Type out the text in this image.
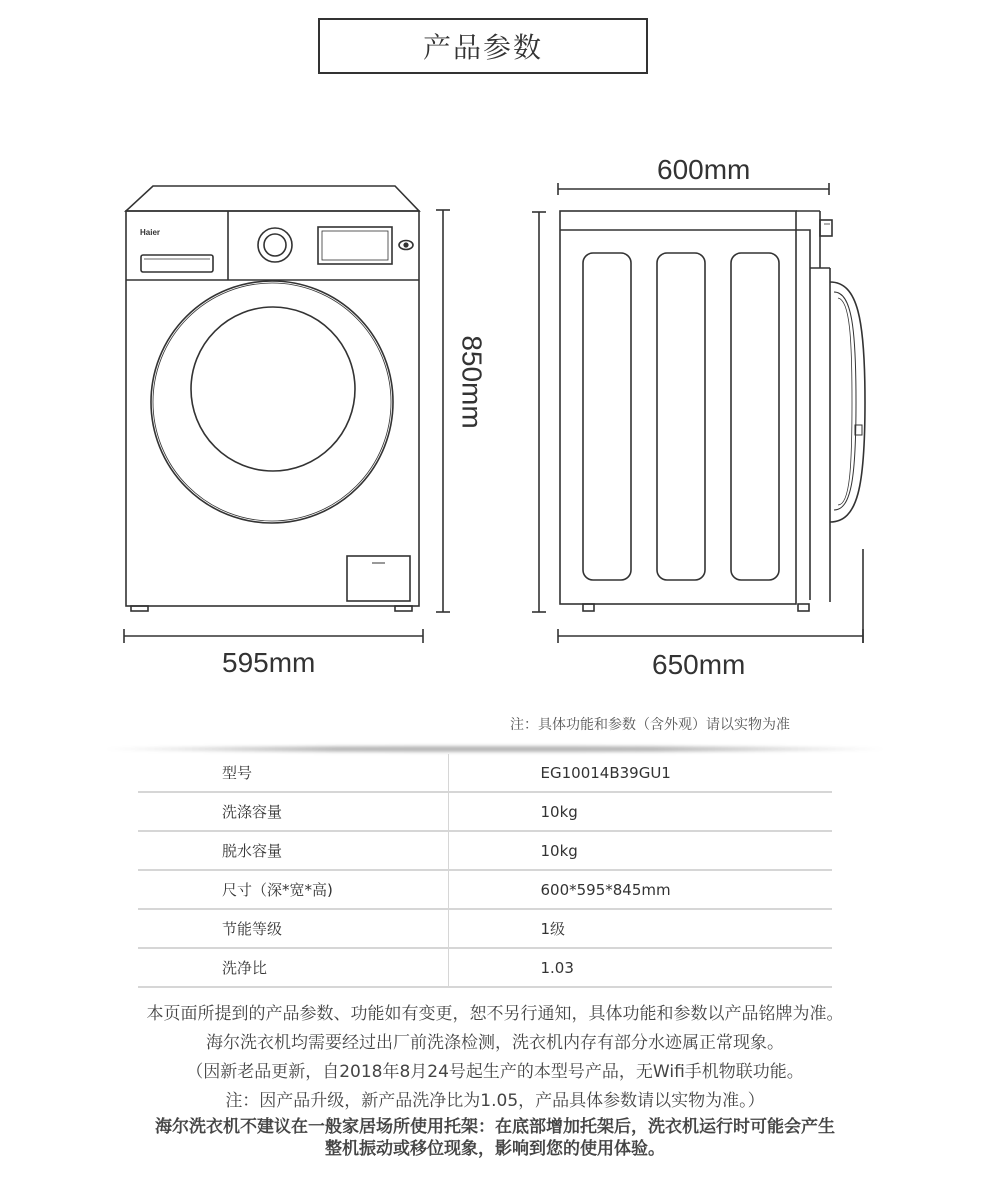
产品参数
Haier
600mm
595mm	650mm
850mm
注：具体功能和参数（含外观）请以实物为准
型号	EG10014B39GU1
洗涤容量	10kg
脱水容量	10kg
尺寸（深*宽*高)	600*595*845mm
节能等级	1级
洗净比	1.03
本页面所提到的产品参数、功能如有变更，恕不另行通知，具体功能和参数以产品铭牌为准。
海尔洗衣机均需要经过出厂前洗涤检测，洗衣机内存有部分水迹属正常现象。
（因新老品更新，自2018年8月24号起生产的本型号产品，无Wifi手机物联功能。
注：因产品升级，新产品洗净比为1.05，产品具体参数请以实物为准。）
海尔洗衣机不建议在一般家居场所使用托架：在底部增加托架后，洗衣机运行时可能会产生
整机振动或移位现象，影响到您的使用体验。
